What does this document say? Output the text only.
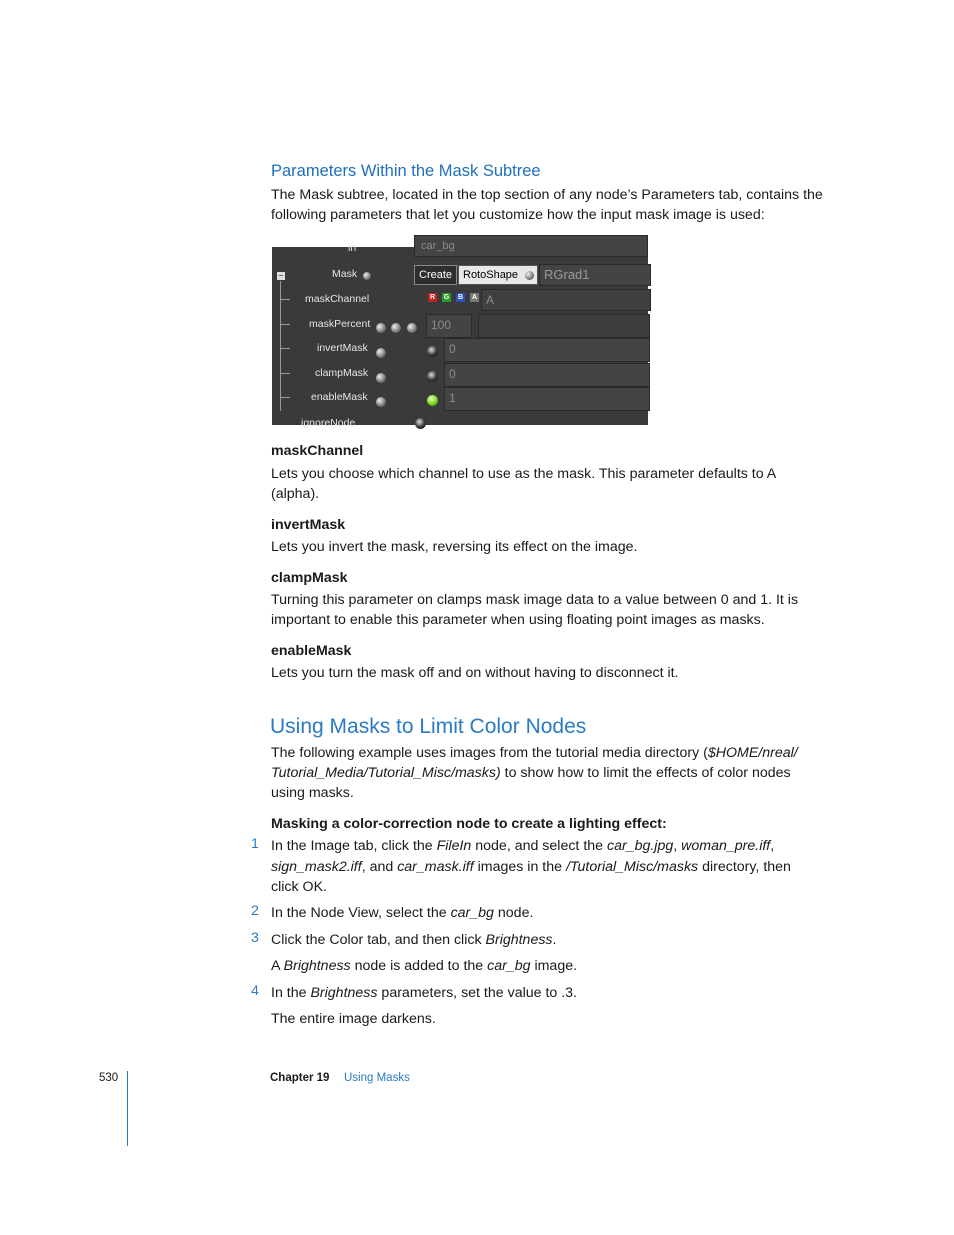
Parameters Within the Mask Subtree
The Mask subtree, located in the top section of any node’s Parameters tab, contains the
following parameters that let you customize how the input mask image is used:
in	car_bg
−	Mask	Create RotoShape	RGrad1
maskChannel	R G B A A
maskPercent	100
invertMask	0
clampMask	0
enableMask	1
ignoreNode
maskChannel
Lets you choose which channel to use as the mask. This parameter defaults to A
(alpha).
invertMask
Lets you invert the mask, reversing its effect on the image.
clampMask
Turning this parameter on clamps mask image data to a value between 0 and 1. It is
important to enable this parameter when using floating point images as masks.
enableMask
Lets you turn the mask off and on without having to disconnect it.
Using Masks to Limit Color Nodes
The following example uses images from the tutorial media directory ($HOME/nreal/
Tutorial_Media/Tutorial_Misc/masks) to show how to limit the effects of color nodes
using masks.
Masking a color-correction node to create a lighting effect:
1 In the Image tab, click the FileIn node, and select the car_bg.jpg, woman_pre.iff,
sign_mask2.iff, and car_mask.iff images in the /Tutorial_Misc/masks directory, then
click OK.
2 In the Node View, select the car_bg node.
3 Click the Color tab, and then click Brightness.
A Brightness node is added to the car_bg image.
4 In the Brightness parameters, set the value to .3.
The entire image darkens.
530	Chapter 19 Using Masks
